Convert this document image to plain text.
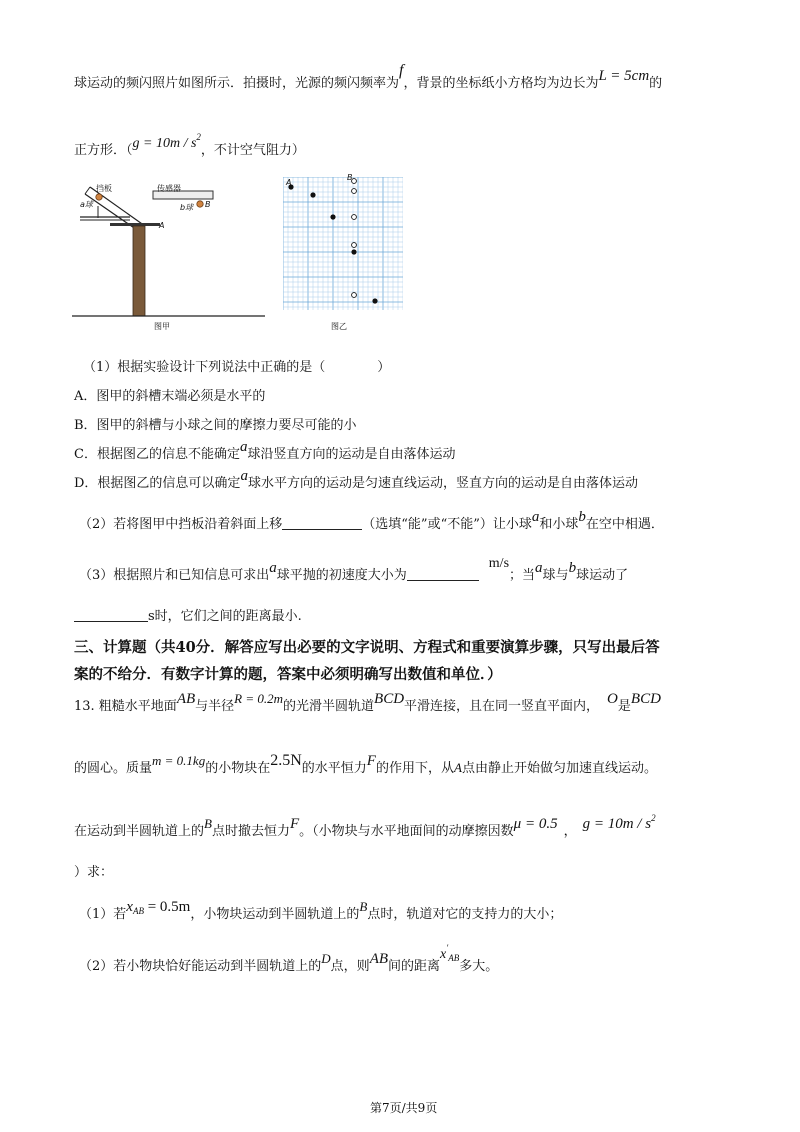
球运动的频闪照片如图所示．拍摄时，光源的频闪频率为f，背景的坐标纸小方格均为边长为L = 5cm的
正方形．（$g = 10m / s^2$，不计空气阻力）
挡板
a球
传感器
b球 B
A
图甲
A
B
图乙
（1）根据实验设计下列说法中正确的是（　　　　）
A．图甲的斜槽末端必须是水平的
B．图甲的斜槽与小球之间的摩擦力要尽可能的小
C．根据图乙的信息不能确定a球沿竖直方向的运动是自由落体运动
D．根据图乙的信息可以确定a球水平方向的运动是匀速直线运动，竖直方向的运动是自由落体运动
（2）若将图甲中挡板沿着斜面上移	（选填“能”或“不能”）让小球a和小球b在空中相遇．
（3）根据照片和已知信息可求出a球平抛的初速度大小为m/s；当a球与b球运动了
s时，它们之间的距离最小.
三、计算题（共40分．解答应写出必要的文字说明、方程式和重要演算步骤，只写出最后答
案的不给分．有数字计算的题，答案中必须明确写出数值和单位．）
13. 粗糙水平地面AB与半径R = 0.2m的光滑半圆轨道BCD平滑连接，且在同一竖直平面内， O是BCD
的圆心。质量m = 0.1kg的小物块在2.5N的水平恒力F的作用下，从A点由静止开始做匀加速直线运动。
在运动到半圆轨道上的B点时撤去恒力F。（小物块与水平地面间的动摩擦因数μ = 0.5 ， $g = 10m / s^2$
）求：
（1）若$x_{AB} = 0.5m$，小物块运动到半圆轨道上的B点时，轨道对它的支持力的大小；
（2）若小物块恰好能运动到半圆轨道上的D点，则AB间的距离$x'_{AB}$多大。
第7页/共9页
